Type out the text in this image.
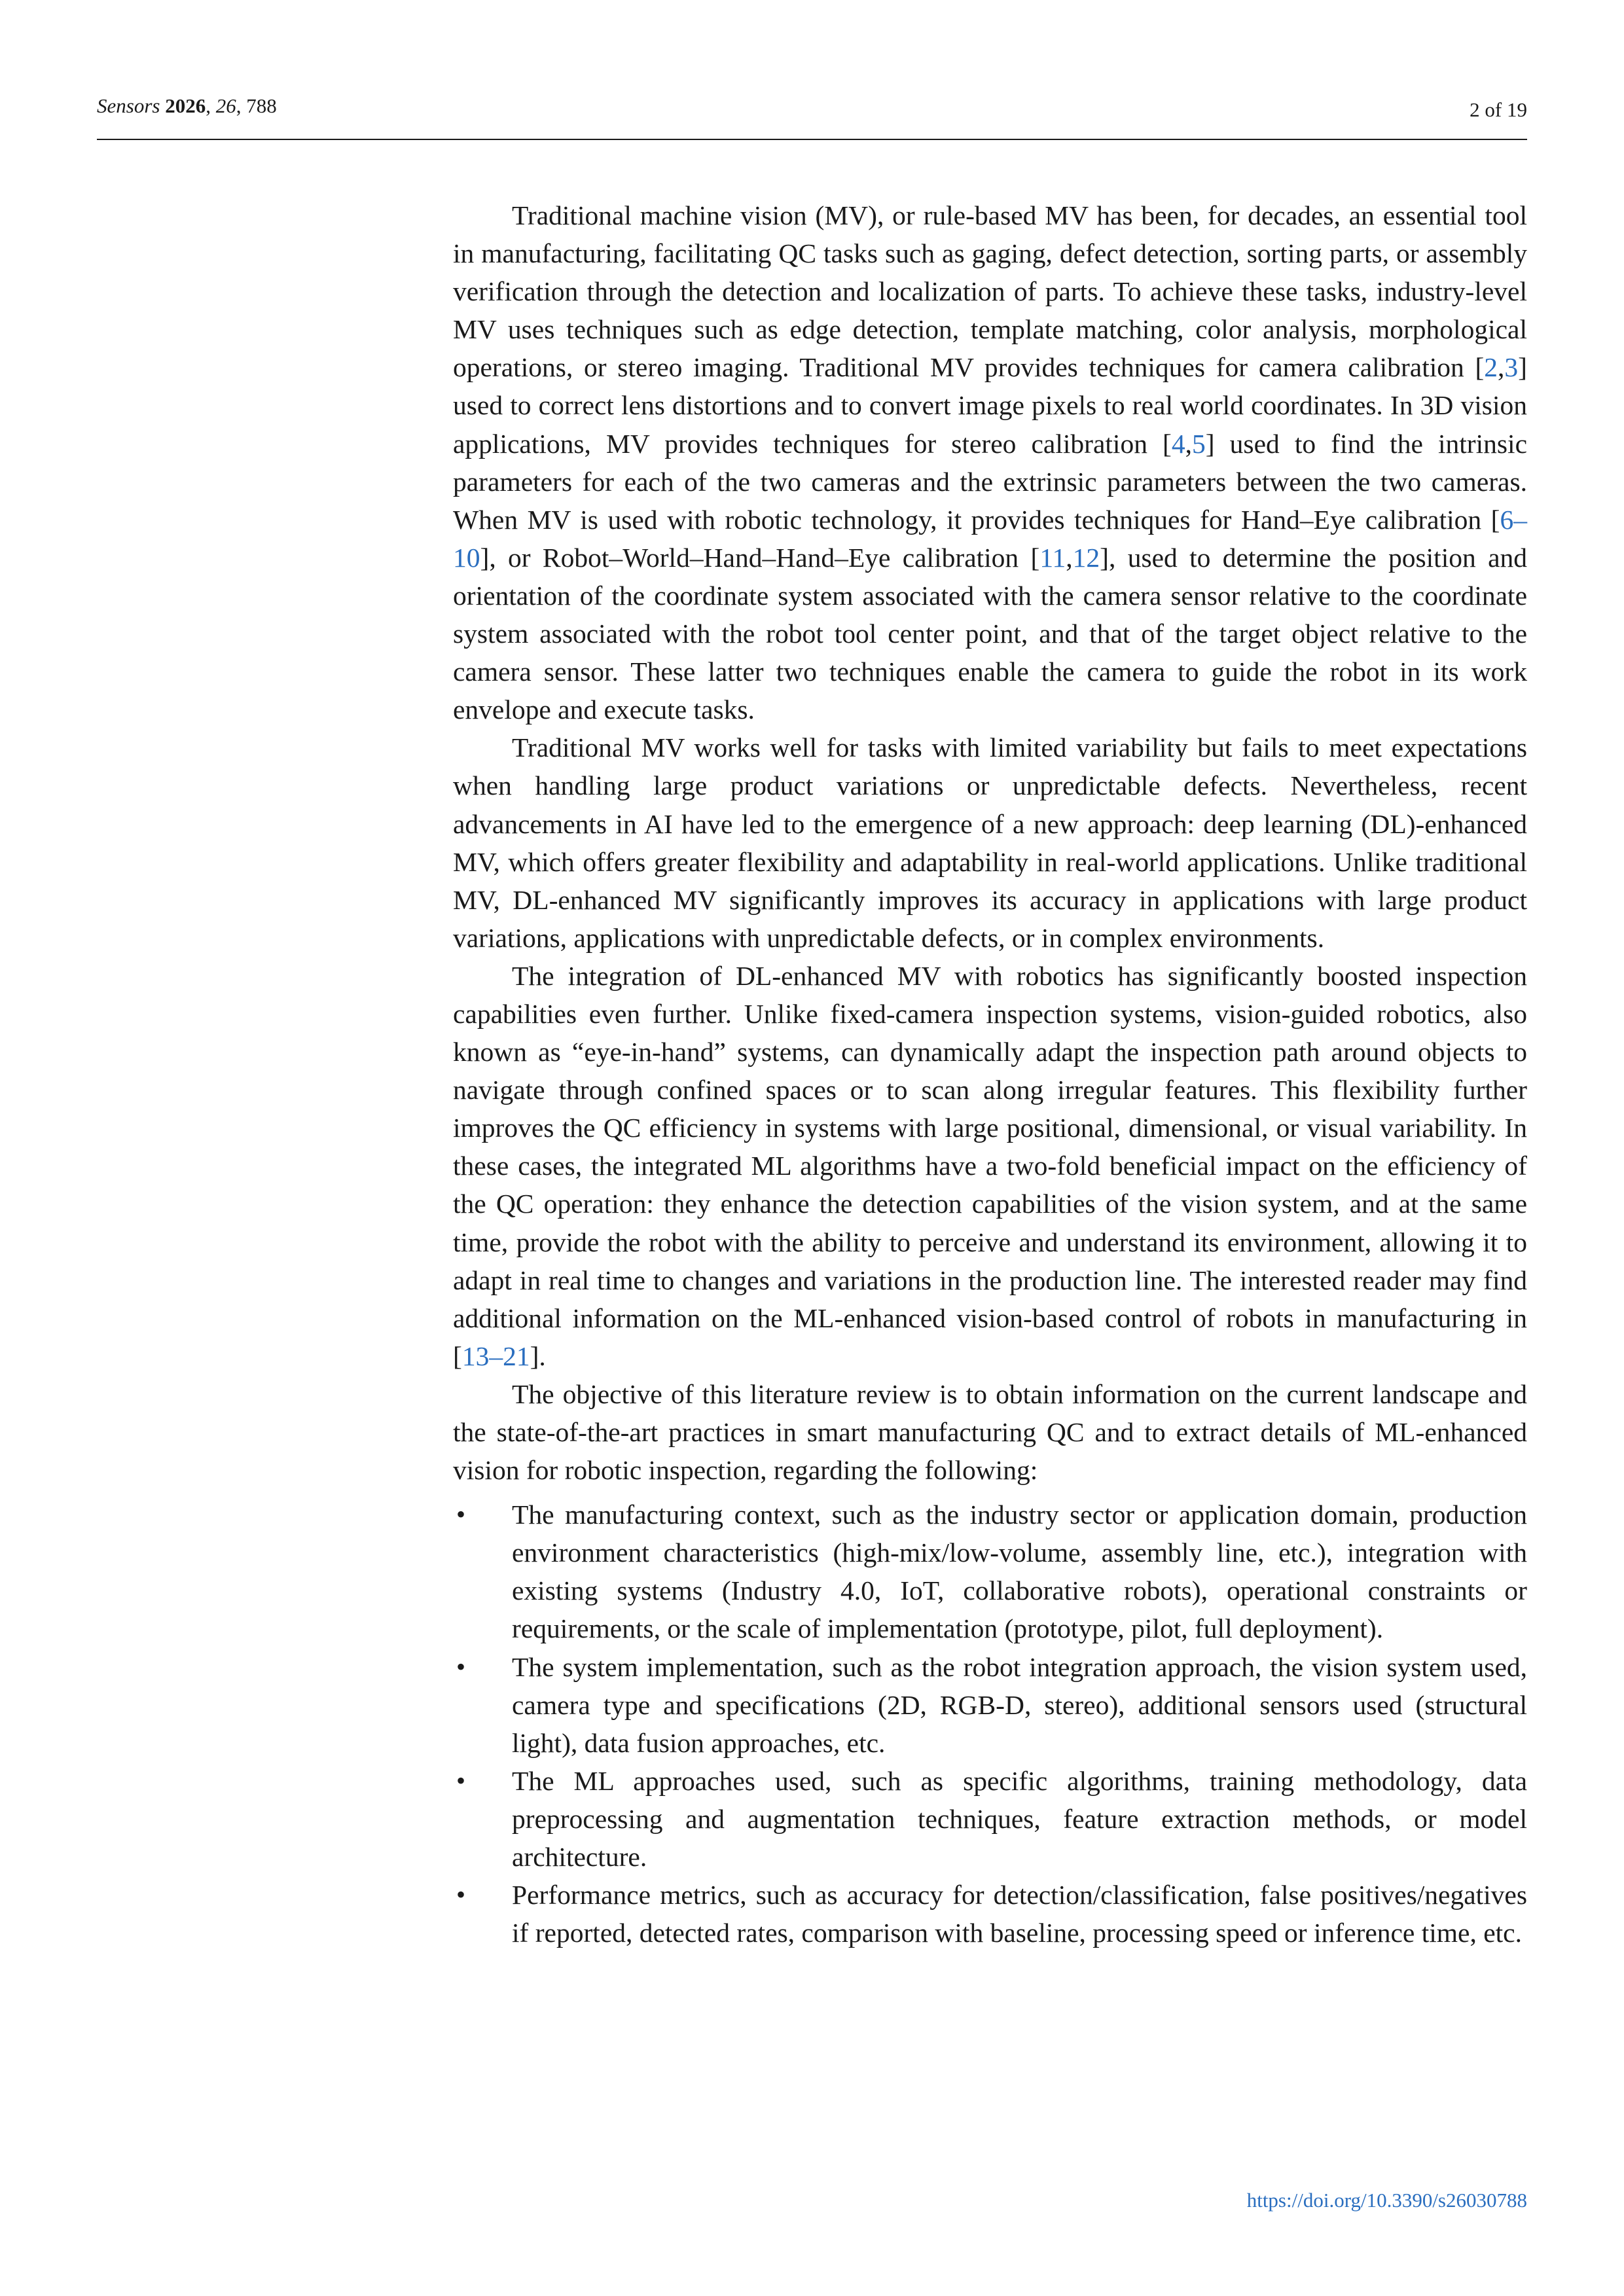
Sensors 2026, 26, 788	2 of 19

Traditional machine vision (MV), or rule-based MV has been, for decades, an essential tool in manufacturing, facilitating QC tasks such as gaging, defect detection, sorting parts, or assembly verification through the detection and localization of parts. To achieve these tasks, industry-level MV uses techniques such as edge detection, template matching, color analysis, morphological operations, or stereo imaging. Traditional MV provides techniques for camera calibration [2,3] used to correct lens distortions and to convert image pixels to real world coordinates. In 3D vision applications, MV provides techniques for stereo calibration [4,5] used to find the intrinsic parameters for each of the two cameras and the extrinsic parameters between the two cameras. When MV is used with robotic technology, it provides techniques for Hand–Eye calibration [6–10], or Robot–World–Hand–Hand–Eye calibration [11,12], used to determine the position and orientation of the coordinate system associated with the camera sensor relative to the coordinate system associated with the robot tool center point, and that of the target object relative to the camera sensor. These latter two techniques enable the camera to guide the robot in its work envelope and execute tasks.

Traditional MV works well for tasks with limited variability but fails to meet expectations when handling large product variations or unpredictable defects. Nevertheless, recent advancements in AI have led to the emergence of a new approach: deep learning (DL)-enhanced MV, which offers greater flexibility and adaptability in real-world applications. Unlike traditional MV, DL-enhanced MV significantly improves its accuracy in applications with large product variations, applications with unpredictable defects, or in complex environments.

The integration of DL-enhanced MV with robotics has significantly boosted inspection capabilities even further. Unlike fixed-camera inspection systems, vision-guided robotics, also known as “eye-in-hand” systems, can dynamically adapt the inspection path around objects to navigate through confined spaces or to scan along irregular features. This flexibility further improves the QC efficiency in systems with large positional, dimensional, or visual variability. In these cases, the integrated ML algorithms have a two-fold beneficial impact on the efficiency of the QC operation: they enhance the detection capabilities of the vision system, and at the same time, provide the robot with the ability to perceive and understand its environment, allowing it to adapt in real time to changes and variations in the production line. The interested reader may find additional information on the ML-enhanced vision-based control of robots in manufacturing in [13–21].

The objective of this literature review is to obtain information on the current landscape and the state-of-the-art practices in smart manufacturing QC and to extract details of ML-enhanced vision for robotic inspection, regarding the following:

• The manufacturing context, such as the industry sector or application domain, production environment characteristics (high-mix/low-volume, assembly line, etc.), integration with existing systems (Industry 4.0, IoT, collaborative robots), operational constraints or requirements, or the scale of implementation (prototype, pilot, full deployment).
• The system implementation, such as the robot integration approach, the vision system used, camera type and specifications (2D, RGB-D, stereo), additional sensors used (structural light), data fusion approaches, etc.
• The ML approaches used, such as specific algorithms, training methodology, data preprocessing and augmentation techniques, feature extraction methods, or model architecture.
• Performance metrics, such as accuracy for detection/classification, false positives/negatives if reported, detected rates, comparison with baseline, processing speed or inference time, etc.
https://doi.org/10.3390/s26030788
